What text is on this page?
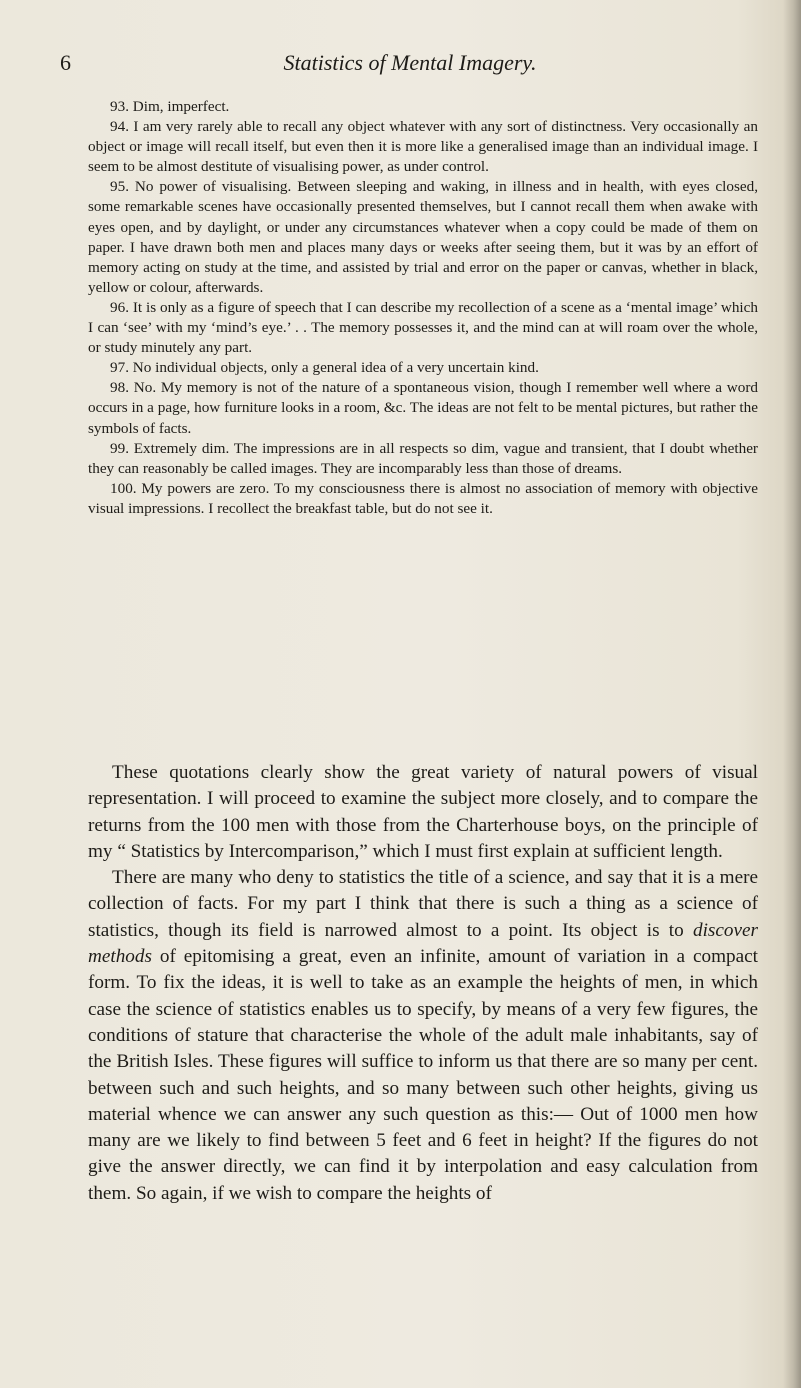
6	Statistics of Mental Imagery.

93. Dim, imperfect.

94. I am very rarely able to recall any object whatever with any sort of distinctness. Very occasionally an object or image will recall itself, but even then it is more like a generalised image than an individual image. I seem to be almost destitute of visualising power, as under control.

95. No power of visualising. Between sleeping and waking, in illness and in health, with eyes closed, some remarkable scenes have occasionally presented themselves, but I cannot recall them when awake with eyes open, and by daylight, or under any circumstances whatever when a copy could be made of them on paper. I have drawn both men and places many days or weeks after seeing them, but it was by an effort of memory acting on study at the time, and assisted by trial and error on the paper or canvas, whether in black, yellow or colour, afterwards.

96. It is only as a figure of speech that I can describe my recollection of a scene as a ‘mental image’ which I can ‘see’ with my ‘mind’s eye.’ . . The memory possesses it, and the mind can at will roam over the whole, or study minutely any part.

97. No individual objects, only a general idea of a very uncertain kind.

98. No. My memory is not of the nature of a spontaneous vision, though I remember well where a word occurs in a page, how furniture looks in a room, &c. The ideas are not felt to be mental pictures, but rather the symbols of facts.

99. Extremely dim. The impressions are in all respects so dim, vague and transient, that I doubt whether they can reasonably be called images. They are incomparably less than those of dreams.

100. My powers are zero. To my consciousness there is almost no association of memory with objective visual impressions. I recollect the breakfast table, but do not see it.

These quotations clearly show the great variety of natural powers of visual representation. I will proceed to examine the subject more closely, and to compare the returns from the 100 men with those from the Charterhouse boys, on the principle of my “ Statistics by Intercomparison,” which I must first explain at sufficient length.

There are many who deny to statistics the title of a science, and say that it is a mere collection of facts. For my part I think that there is such a thing as a science of statistics, though its field is narrowed almost to a point. Its object is to discover methods of epitomising a great, even an infinite, amount of variation in a compact form. To fix the ideas, it is well to take as an example the heights of men, in which case the science of statistics enables us to specify, by means of a very few figures, the conditions of stature that characterise the whole of the adult male inhabitants, say of the British Isles. These figures will suffice to inform us that there are so many per cent. between such and such heights, and so many between such other heights, giving us material whence we can answer any such question as this:— Out of 1000 men how many are we likely to find between 5 feet and 6 feet in height? If the figures do not give the answer directly, we can find it by interpolation and easy calculation from them. So again, if we wish to compare the heights of
